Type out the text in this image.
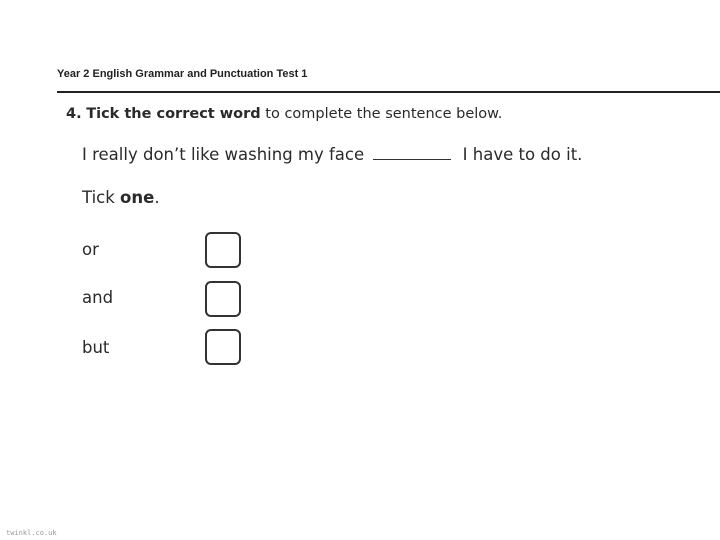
Year 2 English Grammar and Punctuation Test 1
4. Tick the correct word to complete the sentence below.
I really don’t like washing my face	I have to do it.
Tick one.
or
and
but
twinkl.co.uk
